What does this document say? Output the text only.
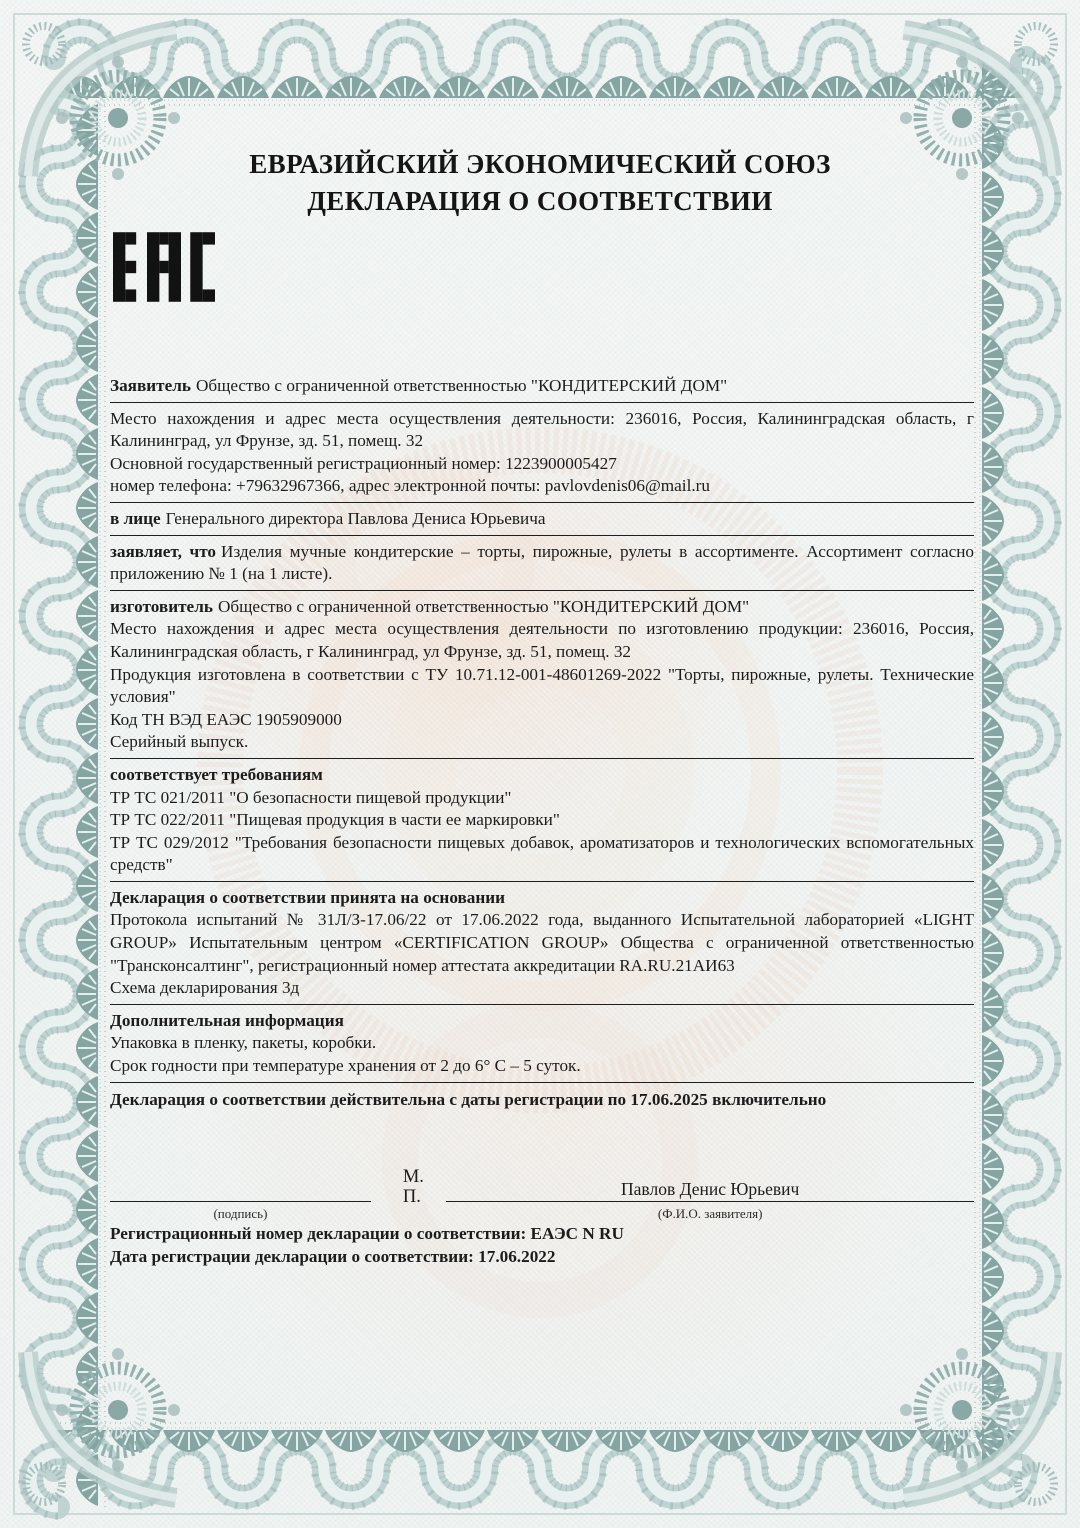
ЕВРАЗИЙСКИЙ ЭКОНОМИЧЕСКИЙ СОЮЗ
ДЕКЛАРАЦИЯ О СООТВЕТСТВИИ

Заявитель Общество с ограниченной ответственностью "КОНДИТЕРСКИЙ ДОМ"

Место нахождения и адрес места осуществления деятельности: 236016, Россия, Калининградская область, г Калининград, ул Фрунзе, зд. 51, помещ. 32

Основной государственный регистрационный номер: 1223900005427

номер телефона: +79632967366, адрес электронной почты: pavlovdenis06@mail.ru

в лице Генерального директора Павлова Дениса Юрьевича

заявляет, что Изделия мучные кондитерские – торты, пирожные, рулеты в ассортименте. Ассортимент согласно приложению № 1 (на 1 листе).

изготовитель Общество с ограниченной ответственностью "КОНДИТЕРСКИЙ ДОМ"

Место нахождения и адрес места осуществления деятельности по изготовлению продукции: 236016, Россия, Калининградская область, г Калининград, ул Фрунзе, зд. 51, помещ. 32

Продукция изготовлена в соответствии с ТУ 10.71.12-001-48601269-2022 "Торты, пирожные, рулеты. Технические условия"

Код ТН ВЭД ЕАЭС 1905909000

Серийный выпуск.

соответствует требованиям

ТР ТС 021/2011 "О безопасности пищевой продукции"

ТР ТС 022/2011 "Пищевая продукция в части ее маркировки"

ТР ТС 029/2012 "Требования безопасности пищевых добавок, ароматизаторов и технологических вспомогательных средств"

Декларация о соответствии принята на основании

Протокола испытаний № 31Л/З-17.06/22 от 17.06.2022 года, выданного Испытательной лабораторией «LIGHT GROUP» Испытательным центром «CERTIFICATION GROUP» Общества с ограниченной ответственностью "Трансконсалтинг", регистрационный номер аттестата аккредитации RA.RU.21АИ63

Схема декларирования 3д

Дополнительная информация

Упаковка в пленку, пакеты, коробки.

Срок годности при температуре хранения от 2 до 6° C – 5 суток.

Декларация о соответствии действительна с даты регистрации по 17.06.2025 включительно

(подпись)
М. П.	Павлов Денис Юрьевич
(Ф.И.О. заявителя)

Регистрационный номер декларации о соответствии: ЕАЭС N RU

Дата регистрации декларации о соответствии: 17.06.2022
